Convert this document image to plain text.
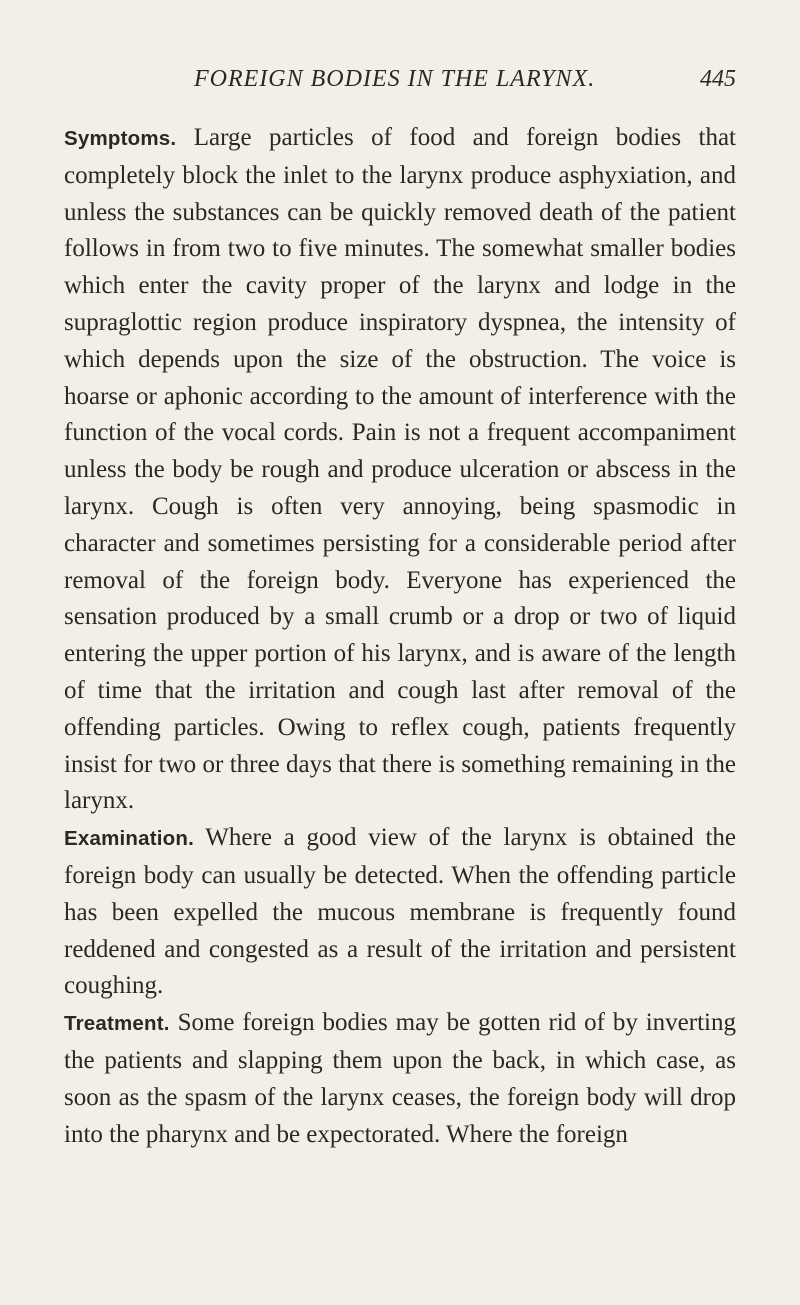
FOREIGN BODIES IN THE LARYNX.	445

Symptoms. Large particles of food and foreign bodies that completely block the inlet to the larynx produce asphyxiation, and unless the substances can be quickly removed death of the patient follows in from two to five minutes. The somewhat smaller bodies which enter the cavity proper of the larynx and lodge in the supraglottic region produce inspiratory dyspnea, the intensity of which depends upon the size of the obstruction. The voice is hoarse or aphonic according to the amount of interference with the function of the vocal cords. Pain is not a frequent accompaniment unless the body be rough and produce ulceration or abscess in the larynx. Cough is often very annoying, being spasmodic in character and sometimes persisting for a considerable period after removal of the foreign body. Everyone has experienced the sensation produced by a small crumb or a drop or two of liquid entering the upper portion of his larynx, and is aware of the length of time that the irritation and cough last after removal of the offending particles. Owing to reflex cough, patients frequently insist for two or three days that there is something remaining in the larynx.

Examination. Where a good view of the larynx is obtained the foreign body can usually be detected. When the offending particle has been expelled the mucous membrane is frequently found reddened and congested as a result of the irritation and persistent coughing.

Treatment. Some foreign bodies may be gotten rid of by inverting the patients and slapping them upon the back, in which case, as soon as the spasm of the larynx ceases, the foreign body will drop into the pharynx and be expectorated. Where the foreign
